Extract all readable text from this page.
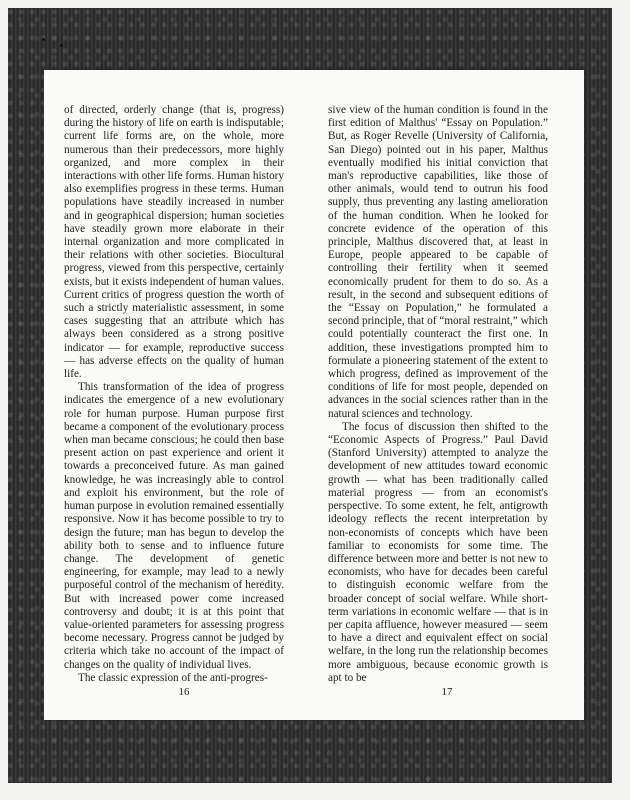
of directed, orderly change (that is, progress) during the history of life on earth is indisputable; current life forms are, on the whole, more numerous than their predecessors, more highly organized, and more complex in their interactions with other life forms. Human history also exemplifies progress in these terms. Human populations have steadily increased in number and in geographical dispersion; human societies have steadily grown more elaborate in their internal organization and more complicated in their relations with other societies. Biocultural progress, viewed from this perspective, certainly exists, but it exists independent of human values. Current critics of progress question the worth of such a strictly materialistic assessment, in some cases suggesting that an attribute which has always been considered as a strong positive indicator — for example, reproductive success — has adverse effects on the quality of human life.

This transformation of the idea of progress indicates the emergence of a new evolutionary role for human purpose. Human purpose first became a component of the evolutionary process when man became conscious; he could then base present action on past experience and orient it towards a preconceived future. As man gained knowledge, he was increasingly able to control and exploit his environment, but the role of human purpose in evolution remained essentially responsive. Now it has become possible to try to design the future; man has begun to develop the ability both to sense and to influence future change. The development of genetic engineering, for example, may lead to a newly purposeful control of the mechanism of heredity. But with increased power come increased controversy and doubt; it is at this point that value-oriented parameters for assessing progress become necessary. Progress cannot be judged by criteria which take no account of the impact of changes on the quality of individual lives.

The classic expression of the anti-progres-

sive view of the human condition is found in the first edition of Malthus' “Essay on Population.” But, as Roger Revelle (University of California, San Diego) pointed out in his paper, Malthus eventually modified his initial conviction that man's reproductive capabilities, like those of other animals, would tend to outrun his food supply, thus preventing any lasting amelioration of the human condition. When he looked for concrete evidence of the operation of this principle, Malthus discovered that, at least in Europe, people appeared to be capable of controlling their fertility when it seemed economically prudent for them to do so. As a result, in the second and subsequent editions of the “Essay on Population,” he formulated a second principle, that of “moral restraint,” which could potentially counteract the first one. In addition, these investigations prompted him to formulate a pioneering statement of the extent to which progress, defined as improvement of the conditions of life for most people, depended on advances in the social sciences rather than in the natural sciences and technology.

The focus of discussion then shifted to the “Economic Aspects of Progress.” Paul David (Stanford University) attempted to analyze the development of new attitudes toward economic growth — what has been traditionally called material progress — from an economist's perspective. To some extent, he felt, antigrowth ideology reflects the recent interpretation by non-economists of concepts which have been familiar to economists for some time. The difference between more and better is not new to economists, who have for decades been careful to distinguish economic welfare from the broader concept of social welfare. While short-term variations in economic welfare — that is in per capita affluence, however measured — seem to have a direct and equivalent effect on social welfare, in the long run the relationship becomes more ambiguous, because economic growth is apt to be

16	17
